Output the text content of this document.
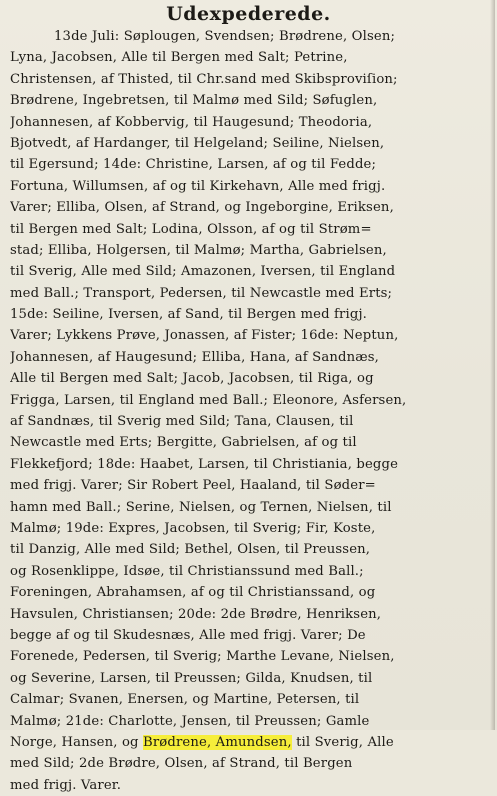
Udexpederede.
13de Juli: Søplougen, Svendsen; Brødrene, Olsen;
Lyna, Jacobsen, Alle til Bergen med Salt; Petrine,
Christensen, af Thisted, til Chr.sand med Skibsproviſion;
Brødrene, Ingebretsen, til Malmø med Sild; Søfuglen,
Johannesen, af Kobbervig, til Haugesund; Theodoria,
Bjotvedt, af Hardanger, til Helgeland; Seiline, Nielsen,
til Egersund; 14de: Christine, Larsen, af og til Fedde;
Fortuna, Willumsen, af og til Kirkehavn, Alle med frigj.
Varer; Elliba, Olsen, af Strand, og Ingeborgine, Eriksen,
til Bergen med Salt; Lodina, Olsson, af og til Strøm=
stad; Elliba, Holgersen, til Malmø; Martha, Gabrielsen,
til Sverig, Alle med Sild; Amazonen, Iversen, til England
med Ball.; Transport, Pedersen, til Newcastle med Erts;
15de: Seiline, Iversen, af Sand, til Bergen med frigj.
Varer; Lykkens Prøve, Jonassen, af Fister; 16de: Neptun,
Johannesen, af Haugesund; Elliba, Hana, af Sandnæs,
Alle til Bergen med Salt; Jacob, Jacobsen, til Riga, og
Frigga, Larsen, til England med Ball.; Eleonore, Asfersen,
af Sandnæs, til Sverig med Sild; Tana, Clausen, til
Newcastle med Erts; Bergitte, Gabrielsen, af og til
Flekkefjord; 18de: Haabet, Larsen, til Christiania, begge
med frigj. Varer; Sir Robert Peel, Haaland, til Søder=
hamn med Ball.; Serine, Nielsen, og Ternen, Nielsen, til
Malmø; 19de: Expres, Jacobsen, til Sverig; Fir, Koste,
til Danzig, Alle med Sild; Bethel, Olsen, til Preussen,
og Rosenklippe, Idsøe, til Christianssund med Ball.;
Foreningen, Abrahamsen, af og til Christianssand, og
Havsulen, Christiansen; 20de: 2de Brødre, Henriksen,
begge af og til Skudesnæs, Alle med frigj. Varer; De
Forenede, Pedersen, til Sverig; Marthe Levane, Nielsen,
og Severine, Larsen, til Preussen; Gilda, Knudsen, til
Calmar; Svanen, Enersen, og Martine, Petersen, til
Malmø; 21de: Charlotte, Jensen, til Preussen; Gamle
Norge, Hansen, og Brødrene, Amundsen, til Sverig, Alle
med Sild; 2de Brødre, Olsen, af Strand, til Bergen
med frigj. Varer.
